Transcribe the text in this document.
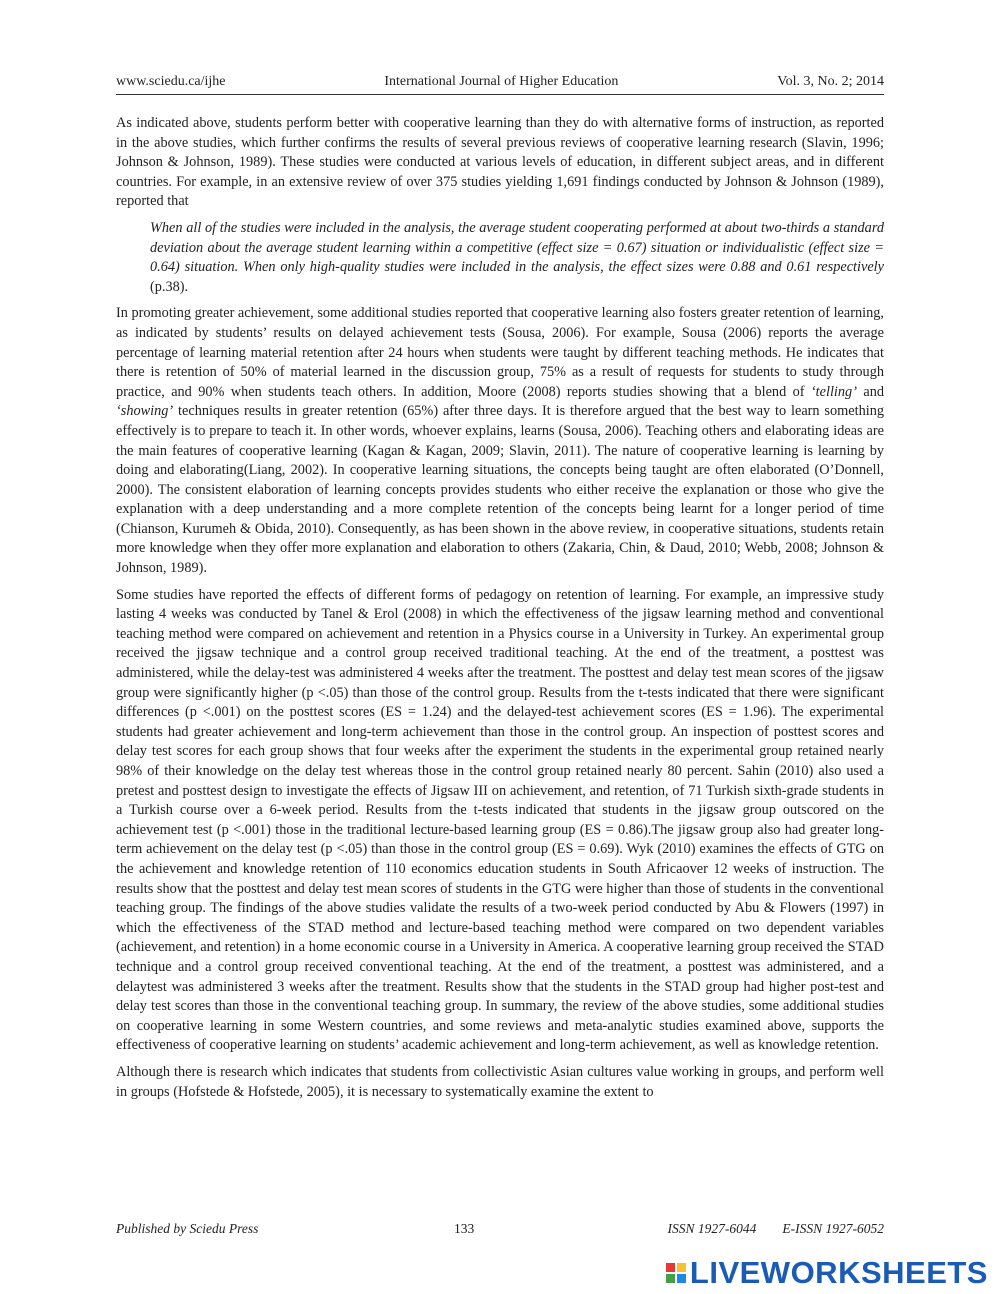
www.sciedu.ca/ijhe	International Journal of Higher Education	Vol. 3, No. 2; 2014

As indicated above, students perform better with cooperative learning than they do with alternative forms of instruction, as reported in the above studies, which further confirms the results of several previous reviews of cooperative learning research (Slavin, 1996; Johnson & Johnson, 1989). These studies were conducted at various levels of education, in different subject areas, and in different countries. For example, in an extensive review of over 375 studies yielding 1,691 findings conducted by Johnson & Johnson (1989), reported that

When all of the studies were included in the analysis, the average student cooperating performed at about two-thirds a standard deviation about the average student learning within a competitive (effect size = 0.67) situation or individualistic (effect size = 0.64) situation. When only high-quality studies were included in the analysis, the effect sizes were 0.88 and 0.61 respectively (p.38).

In promoting greater achievement, some additional studies reported that cooperative learning also fosters greater retention of learning, as indicated by students’ results on delayed achievement tests (Sousa, 2006). For example, Sousa (2006) reports the average percentage of learning material retention after 24 hours when students were taught by different teaching methods. He indicates that there is retention of 50% of material learned in the discussion group, 75% as a result of requests for students to study through practice, and 90% when students teach others. In addition, Moore (2008) reports studies showing that a blend of ‘telling’ and ‘showing’ techniques results in greater retention (65%) after three days. It is therefore argued that the best way to learn something effectively is to prepare to teach it. In other words, whoever explains, learns (Sousa, 2006). Teaching others and elaborating ideas are the main features of cooperative learning (Kagan & Kagan, 2009; Slavin, 2011). The nature of cooperative learning is learning by doing and elaborating(Liang, 2002). In cooperative learning situations, the concepts being taught are often elaborated (O’Donnell, 2000). The consistent elaboration of learning concepts provides students who either receive the explanation or those who give the explanation with a deep understanding and a more complete retention of the concepts being learnt for a longer period of time (Chianson, Kurumeh & Obida, 2010). Consequently, as has been shown in the above review, in cooperative situations, students retain more knowledge when they offer more explanation and elaboration to others (Zakaria, Chin, & Daud, 2010; Webb, 2008; Johnson & Johnson, 1989).

Some studies have reported the effects of different forms of pedagogy on retention of learning. For example, an impressive study lasting 4 weeks was conducted by Tanel & Erol (2008) in which the effectiveness of the jigsaw learning method and conventional teaching method were compared on achievement and retention in a Physics course in a University in Turkey. An experimental group received the jigsaw technique and a control group received traditional teaching. At the end of the treatment, a posttest was administered, while the delay-test was administered 4 weeks after the treatment. The posttest and delay test mean scores of the jigsaw group were significantly higher (p <.05) than those of the control group. Results from the t-tests indicated that there were significant differences (p <.001) on the posttest scores (ES = 1.24) and the delayed-test achievement scores (ES = 1.96). The experimental students had greater achievement and long-term achievement than those in the control group. An inspection of posttest scores and delay test scores for each group shows that four weeks after the experiment the students in the experimental group retained nearly 98% of their knowledge on the delay test whereas those in the control group retained nearly 80 percent. Sahin (2010) also used a pretest and posttest design to investigate the effects of Jigsaw III on achievement, and retention, of 71 Turkish sixth-grade students in a Turkish course over a 6-week period. Results from the t-tests indicated that students in the jigsaw group outscored on the achievement test (p <.001) those in the traditional lecture-based learning group (ES = 0.86).The jigsaw group also had greater long-term achievement on the delay test (p <.05) than those in the control group (ES = 0.69). Wyk (2010) examines the effects of GTG on the achievement and knowledge retention of 110 economics education students in South Africaover 12 weeks of instruction. The results show that the posttest and delay test mean scores of students in the GTG were higher than those of students in the conventional teaching group. The findings of the above studies validate the results of a two-week period conducted by Abu & Flowers (1997) in which the effectiveness of the STAD method and lecture-based teaching method were compared on two dependent variables (achievement, and retention) in a home economic course in a University in America. A cooperative learning group received the STAD technique and a control group received conventional teaching. At the end of the treatment, a posttest was administered, and a delaytest was administered 3 weeks after the treatment. Results show that the students in the STAD group had higher post-test and delay test scores than those in the conventional teaching group. In summary, the review of the above studies, some additional studies on cooperative learning in some Western countries, and some reviews and meta-analytic studies examined above, supports the effectiveness of cooperative learning on students’ academic achievement and long-term achievement, as well as knowledge retention.

Although there is research which indicates that students from collectivistic Asian cultures value working in groups, and perform well in groups (Hofstede & Hofstede, 2005), it is necessary to systematically examine the extent to

Published by Sciedu Press	133	ISSN 1927-6044 E-ISSN 1927-6052
LIVEWORKSHEETS
